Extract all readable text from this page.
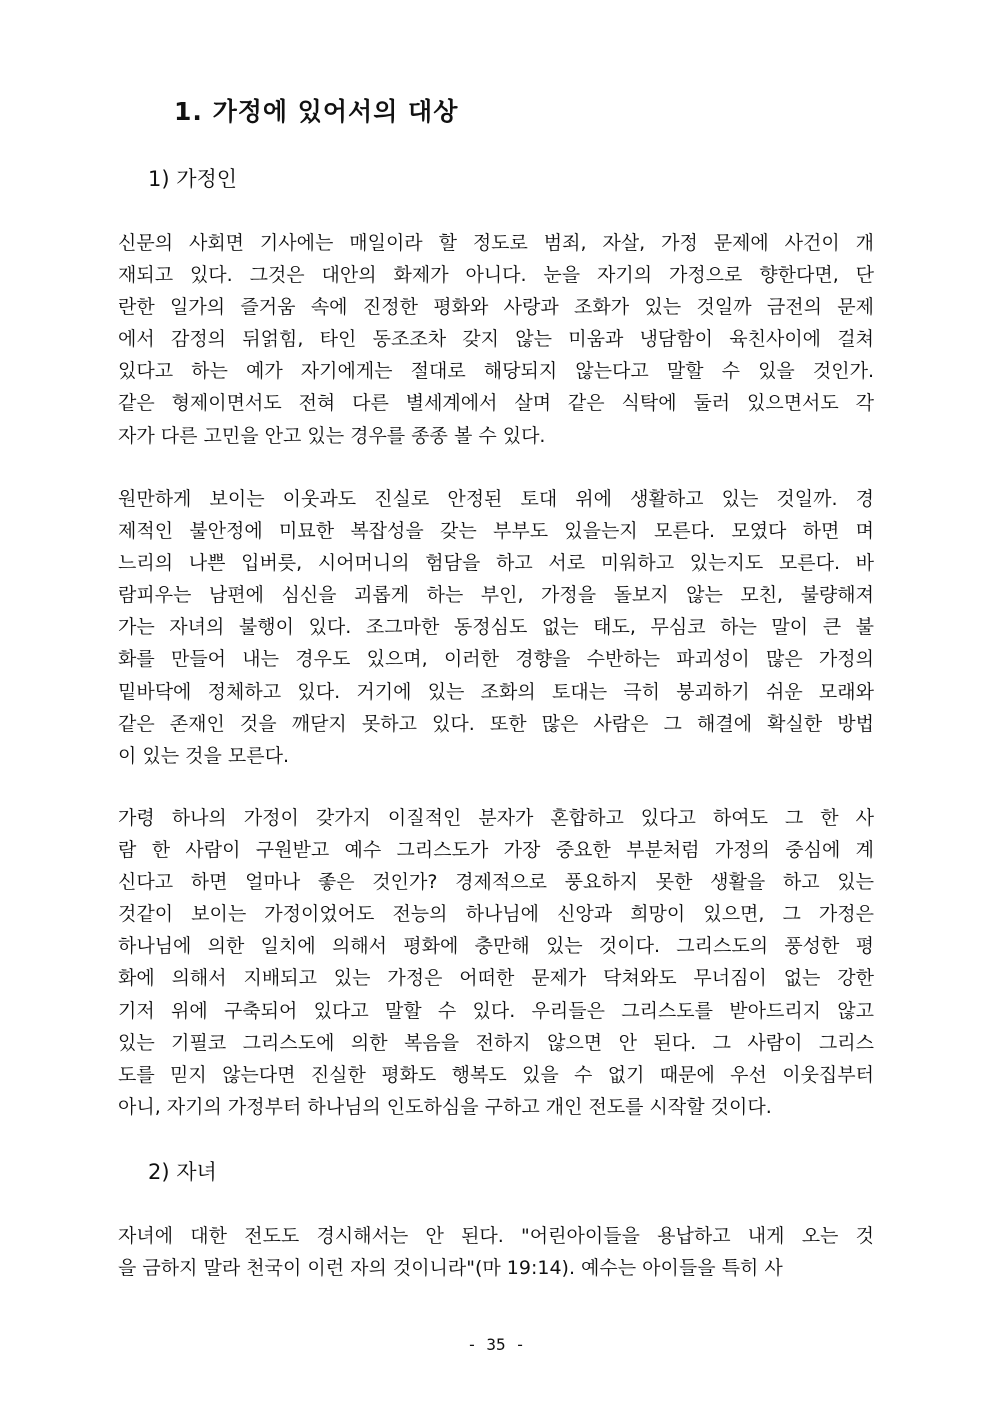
1. 가정에 있어서의 대상
1) 가정인
신문의 사회면 기사에는 매일이라 할 정도로 범죄, 자살, 가정 문제에 사건이 개
재되고 있다. 그것은 대안의 화제가 아니다. 눈을 자기의 가정으로 향한다면, 단
란한 일가의 즐거움 속에 진정한 평화와 사랑과 조화가 있는 것일까 금전의 문제
에서 감정의 뒤얽힘, 타인 동조조차 갖지 않는 미움과 냉담함이 육친사이에 걸쳐
있다고 하는 예가 자기에게는 절대로 해당되지 않는다고 말할 수 있을 것인가.
같은 형제이면서도 전혀 다른 별세계에서 살며 같은 식탁에 둘러 있으면서도 각
자가 다른 고민을 안고 있는 경우를 종종 볼 수 있다.
원만하게 보이는 이웃과도 진실로 안정된 토대 위에 생활하고 있는 것일까. 경
제적인 불안정에 미묘한 복잡성을 갖는 부부도 있을는지 모른다. 모였다 하면 며
느리의 나쁜 입버릇, 시어머니의 험담을 하고 서로 미워하고 있는지도 모른다. 바
람피우는 남편에 심신을 괴롭게 하는 부인, 가정을 돌보지 않는 모친, 불량해져
가는 자녀의 불행이 있다. 조그마한 동정심도 없는 태도, 무심코 하는 말이 큰 불
화를 만들어 내는 경우도 있으며, 이러한 경향을 수반하는 파괴성이 많은 가정의
밑바닥에 정체하고 있다. 거기에 있는 조화의 토대는 극히 붕괴하기 쉬운 모래와
같은 존재인 것을 깨닫지 못하고 있다. 또한 많은 사람은 그 해결에 확실한 방법
이 있는 것을 모른다.
가령 하나의 가정이 갖가지 이질적인 분자가 혼합하고 있다고 하여도 그 한 사
람 한 사람이 구원받고 예수 그리스도가 가장 중요한 부분처럼 가정의 중심에 계
신다고 하면 얼마나 좋은 것인가? 경제적으로 풍요하지 못한 생활을 하고 있는
것같이 보이는 가정이었어도 전능의 하나님에 신앙과 희망이 있으면, 그 가정은
하나님에 의한 일치에 의해서 평화에 충만해 있는 것이다. 그리스도의 풍성한 평
화에 의해서 지배되고 있는 가정은 어떠한 문제가 닥쳐와도 무너짐이 없는 강한
기저 위에 구축되어 있다고 말할 수 있다. 우리들은 그리스도를 받아드리지 않고
있는 기필코 그리스도에 의한 복음을 전하지 않으면 안 된다. 그 사람이 그리스
도를 믿지 않는다면 진실한 평화도 행복도 있을 수 없기 때문에 우선 이웃집부터
아니, 자기의 가정부터 하나님의 인도하심을 구하고 개인 전도를 시작할 것이다.
2) 자녀
자녀에 대한 전도도 경시해서는 안 된다. "어린아이들을 용납하고 내게 오는 것
을 금하지 말라 천국이 이런 자의 것이니라"(마 19:14). 예수는 아이들을 특히 사
- 35 -
